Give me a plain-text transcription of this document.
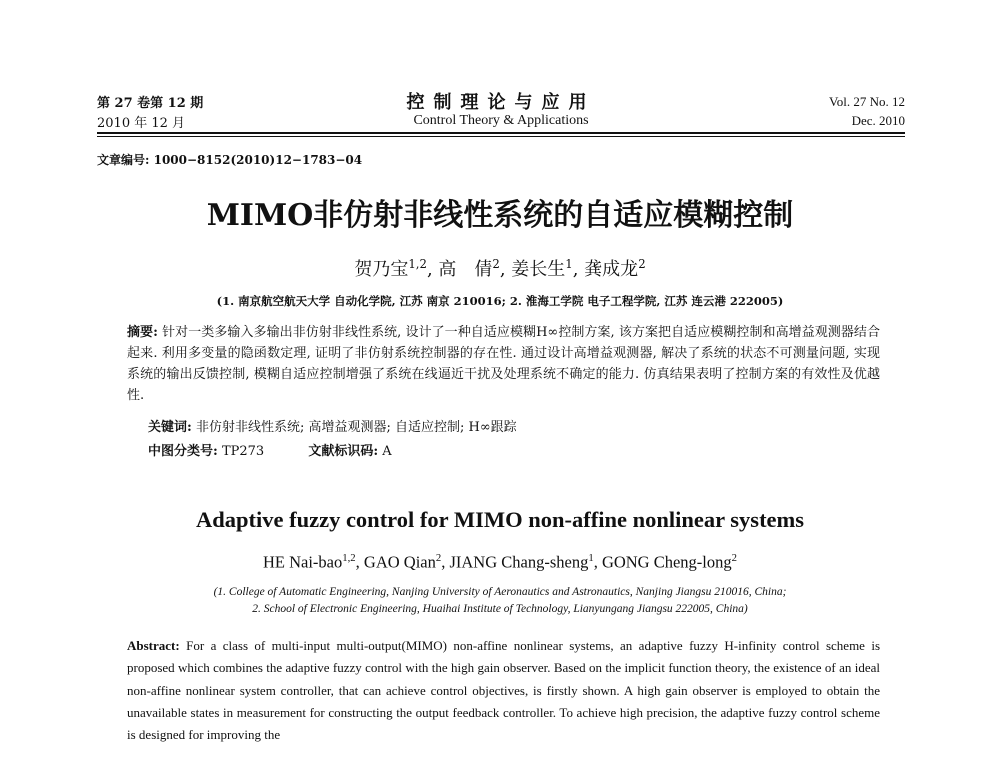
第 27 卷第 12 期
2010 年 12 月
控制理论与应用
Control Theory & Applications
Vol. 27 No. 12
Dec. 2010
文章编号: 1000−8152(2010)12−1783−04
MIMO非仿射非线性系统的自适应模糊控制
贺乃宝$^{1,2}$, 高　倩$^2$, 姜长生$^1$, 龚成龙$^2$
(1. 南京航空航天大学 自动化学院, 江苏 南京 210016; 2. 淮海工学院 电子工程学院, 江苏 连云港 222005)
摘要: 针对一类多输入多输出非仿射非线性系统, 设计了一种自适应模糊H∞控制方案, 该方案把自适应模糊控制和高增益观测器结合起来. 利用多变量的隐函数定理, 证明了非仿射系统控制器的存在性. 通过设计高增益观测器, 解决了系统的状态不可测量问题, 实现系统的输出反馈控制, 模糊自适应控制增强了系统在线逼近干扰及处理系统不确定的能力. 仿真结果表明了控制方案的有效性及优越性.
关键词: 非仿射非线性系统; 高增益观测器; 自适应控制; H∞跟踪
中图分类号: TP273	文献标识码: A
Adaptive fuzzy control for MIMO non-affine nonlinear systems
HE Nai-bao$^{1,2}$, GAO Qian$^2$, JIANG Chang-sheng$^1$, GONG Cheng-long$^2$
(1. College of Automatic Engineering, Nanjing University of Aeronautics and Astronautics, Nanjing Jiangsu 210016, China;
2. School of Electronic Engineering, Huaihai Institute of Technology, Lianyungang Jiangsu 222005, China)
Abstract: For a class of multi-input multi-output(MIMO) non-affine nonlinear systems, an adaptive fuzzy H-infinity control scheme is proposed which combines the adaptive fuzzy control with the high gain observer. Based on the implicit function theory, the existence of an ideal non-affine nonlinear system controller, that can achieve control objectives, is firstly shown. A high gain observer is employed to obtain the unavailable states in measurement for constructing the output feedback controller. To achieve high precision, the adaptive fuzzy control scheme is designed for improving the
